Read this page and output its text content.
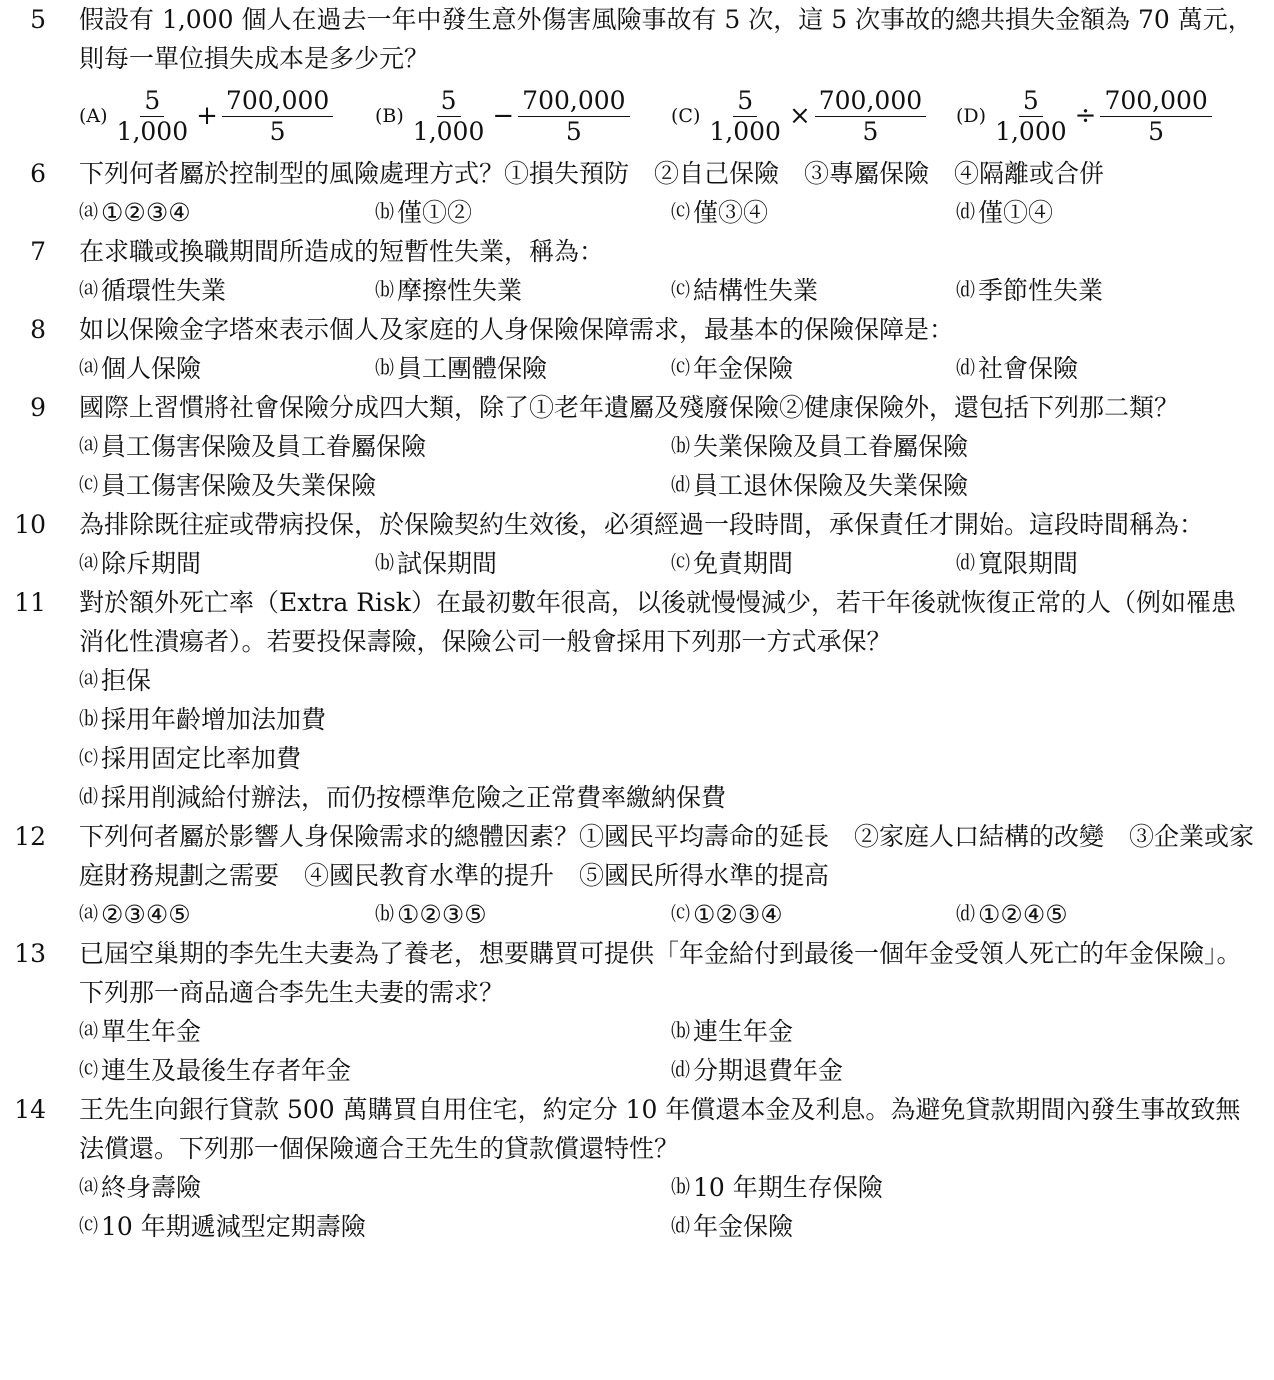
5 假設有 1,000 個人在過去一年中發生意外傷害風險事故有 5 次，這 5 次事故的總共損失金額為 70 萬元，則每一單位損失成本是多少元？
$(A) \frac{5}{1,000} + \frac{700,000}{5} (B) \frac{5}{1,000} - \frac{700,000}{5} (C) \frac{5}{1,000} \times \frac{700,000}{5} (D) \frac{5}{1,000} \div \frac{700,000}{5}$
6 下列何者屬於控制型的風險處理方式？①損失預防　②自己保險　③專屬保險　④隔離或合併
⒜ ①②③④	⒝ 僅①②	⒞ 僅③④	⒟ 僅①④
7 在求職或換職期間所造成的短暫性失業，稱為：
⒜ 循環性失業	⒝ 摩擦性失業	⒞ 結構性失業	⒟ 季節性失業
8 如以保險金字塔來表示個人及家庭的人身保險保障需求，最基本的保險保障是：
⒜ 個人保險	⒝ 員工團體保險	⒞ 年金保險	⒟ 社會保險
9 國際上習慣將社會保險分成四大類，除了①老年遺屬及殘廢保險②健康保險外，還包括下列那二類？
⒜ 員工傷害保險及員工眷屬保險	⒝ 失業保險及員工眷屬保險
⒞ 員工傷害保險及失業保險	⒟ 員工退休保險及失業保險
10 為排除既往症或帶病投保，於保險契約生效後，必須經過一段時間，承保責任才開始。這段時間稱為：
⒜ 除斥期間	⒝ 試保期間	⒞ 免責期間	⒟ 寬限期間
11 對於額外死亡率（Extra Risk）在最初數年很高，以後就慢慢減少，若干年後就恢復正常的人（例如罹患消化性潰瘍者）。若要投保壽險，保險公司一般會採用下列那一方式承保？
⒜ 拒保
⒝ 採用年齡增加法加費
⒞ 採用固定比率加費
⒟ 採用削減給付辦法，而仍按標準危險之正常費率繳納保費
12 下列何者屬於影響人身保險需求的總體因素？①國民平均壽命的延長　②家庭人口結構的改變　③企業或家庭財務規劃之需要　④國民教育水準的提升　⑤國民所得水準的提高
⒜ ②③④⑤	⒝ ①②③⑤	⒞ ①②③④	⒟ ①②④⑤
13 已屆空巢期的李先生夫妻為了養老，想要購買可提供「年金給付到最後一個年金受領人死亡的年金保險」。下列那一商品適合李先生夫妻的需求？
⒜ 單生年金	⒝ 連生年金
⒞ 連生及最後生存者年金	⒟ 分期退費年金
14 王先生向銀行貸款 500 萬購買自用住宅，約定分 10 年償還本金及利息。為避免貸款期間內發生事故致無法償還。下列那一個保險適合王先生的貸款償還特性？
⒜ 終身壽險	⒝ 10 年期生存保險
⒞ 10 年期遞減型定期壽險	⒟ 年金保險
